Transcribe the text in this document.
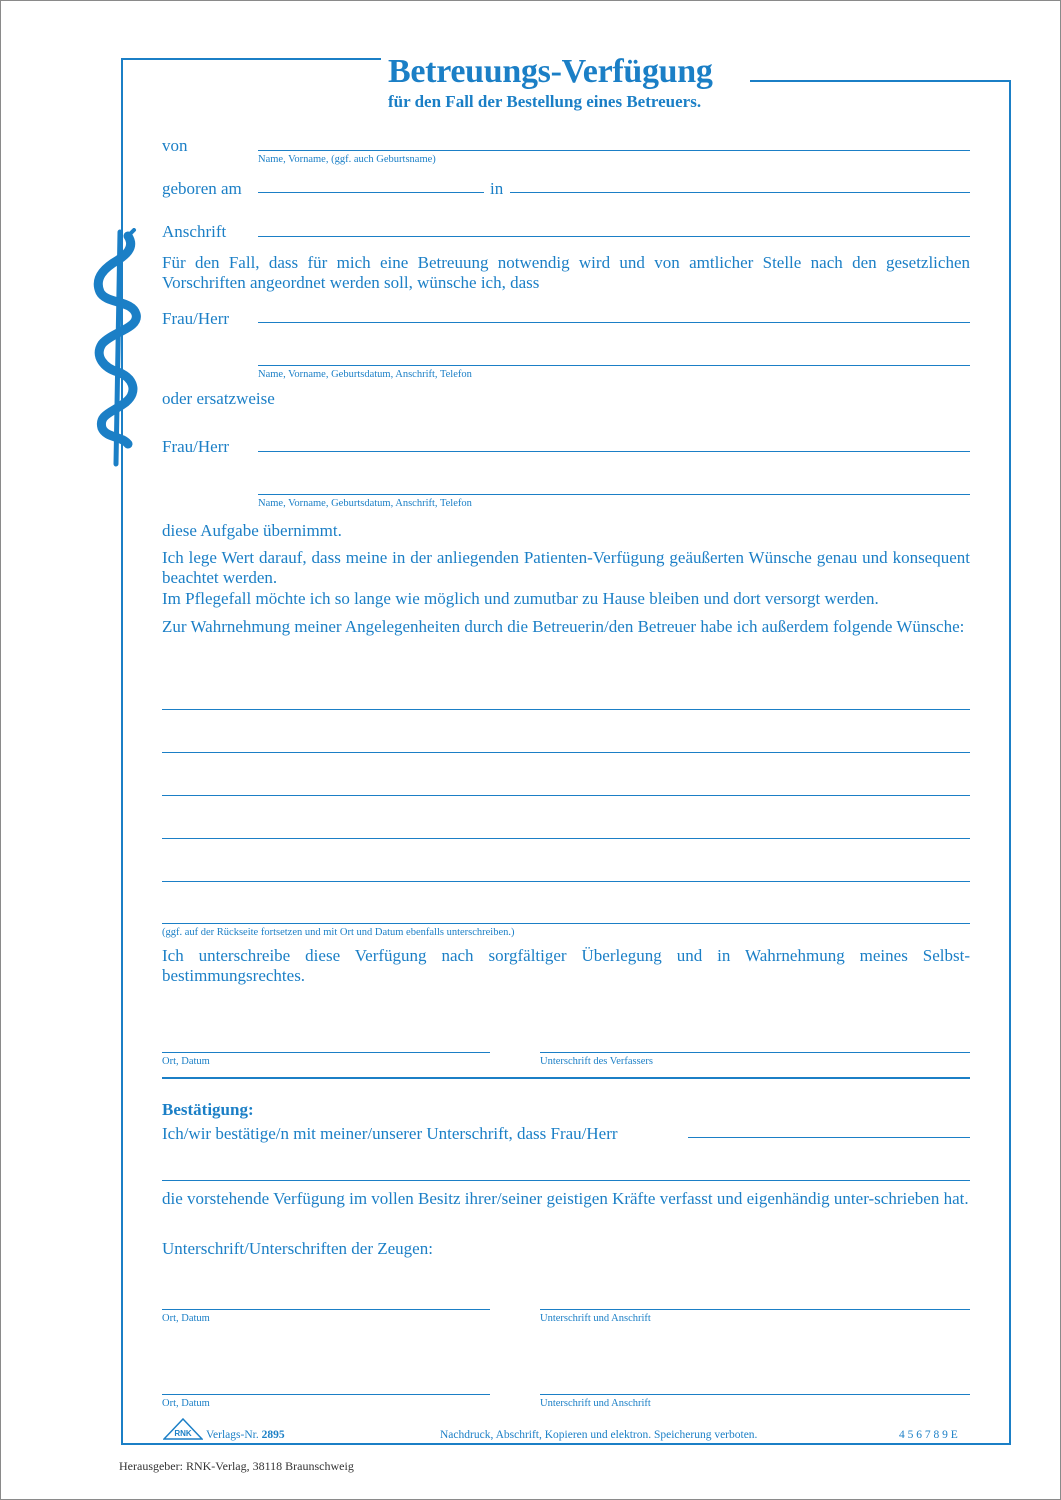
Betreuungs-Verfügung
für den Fall der Bestellung eines Betreuers.
von
Name, Vorname, (ggf. auch Geburtsname)
geboren am	in
Anschrift
Für den Fall, dass für mich eine Betreuung notwendig wird und von amtlicher Stelle nach den gesetzlichen Vorschriften angeordnet werden soll, wünsche ich, dass
Frau/Herr
Name, Vorname, Geburtsdatum, Anschrift, Telefon
oder ersatzweise
Frau/Herr
Name, Vorname, Geburtsdatum, Anschrift, Telefon
diese Aufgabe übernimmt.
Ich lege Wert darauf, dass meine in der anliegenden Patienten-Verfügung geäußerten Wünsche genau und konsequent beachtet werden.
Im Pflegefall möchte ich so lange wie möglich und zumutbar zu Hause bleiben und dort versorgt werden.
Zur Wahrnehmung meiner Angelegenheiten durch die Betreuerin/den Betreuer habe ich außerdem folgende Wünsche:
(ggf. auf der Rückseite fortsetzen und mit Ort und Datum ebenfalls unterschreiben.)
Ich unterschreibe diese Verfügung nach sorgfältiger Überlegung und in Wahrnehmung meines Selbst-bestimmungsrechtes.
Ort, Datum	Unterschrift des Verfassers
Bestätigung:
Ich/wir bestätige/n mit meiner/unserer Unterschrift, dass Frau/Herr
die vorstehende Verfügung im vollen Besitz ihrer/seiner geistigen Kräfte verfasst und eigenhändig unter-schrieben hat.
Unterschrift/Unterschriften der Zeugen:
Ort, Datum	Unterschrift und Anschrift
Ort, Datum	Unterschrift und Anschrift
RNK Verlags-Nr. 2895	Nachdruck, Abschrift, Kopieren und elektron. Speicherung verboten.	4 5 6 7 8 9 E
Herausgeber: RNK-Verlag, 38118 Braunschweig
